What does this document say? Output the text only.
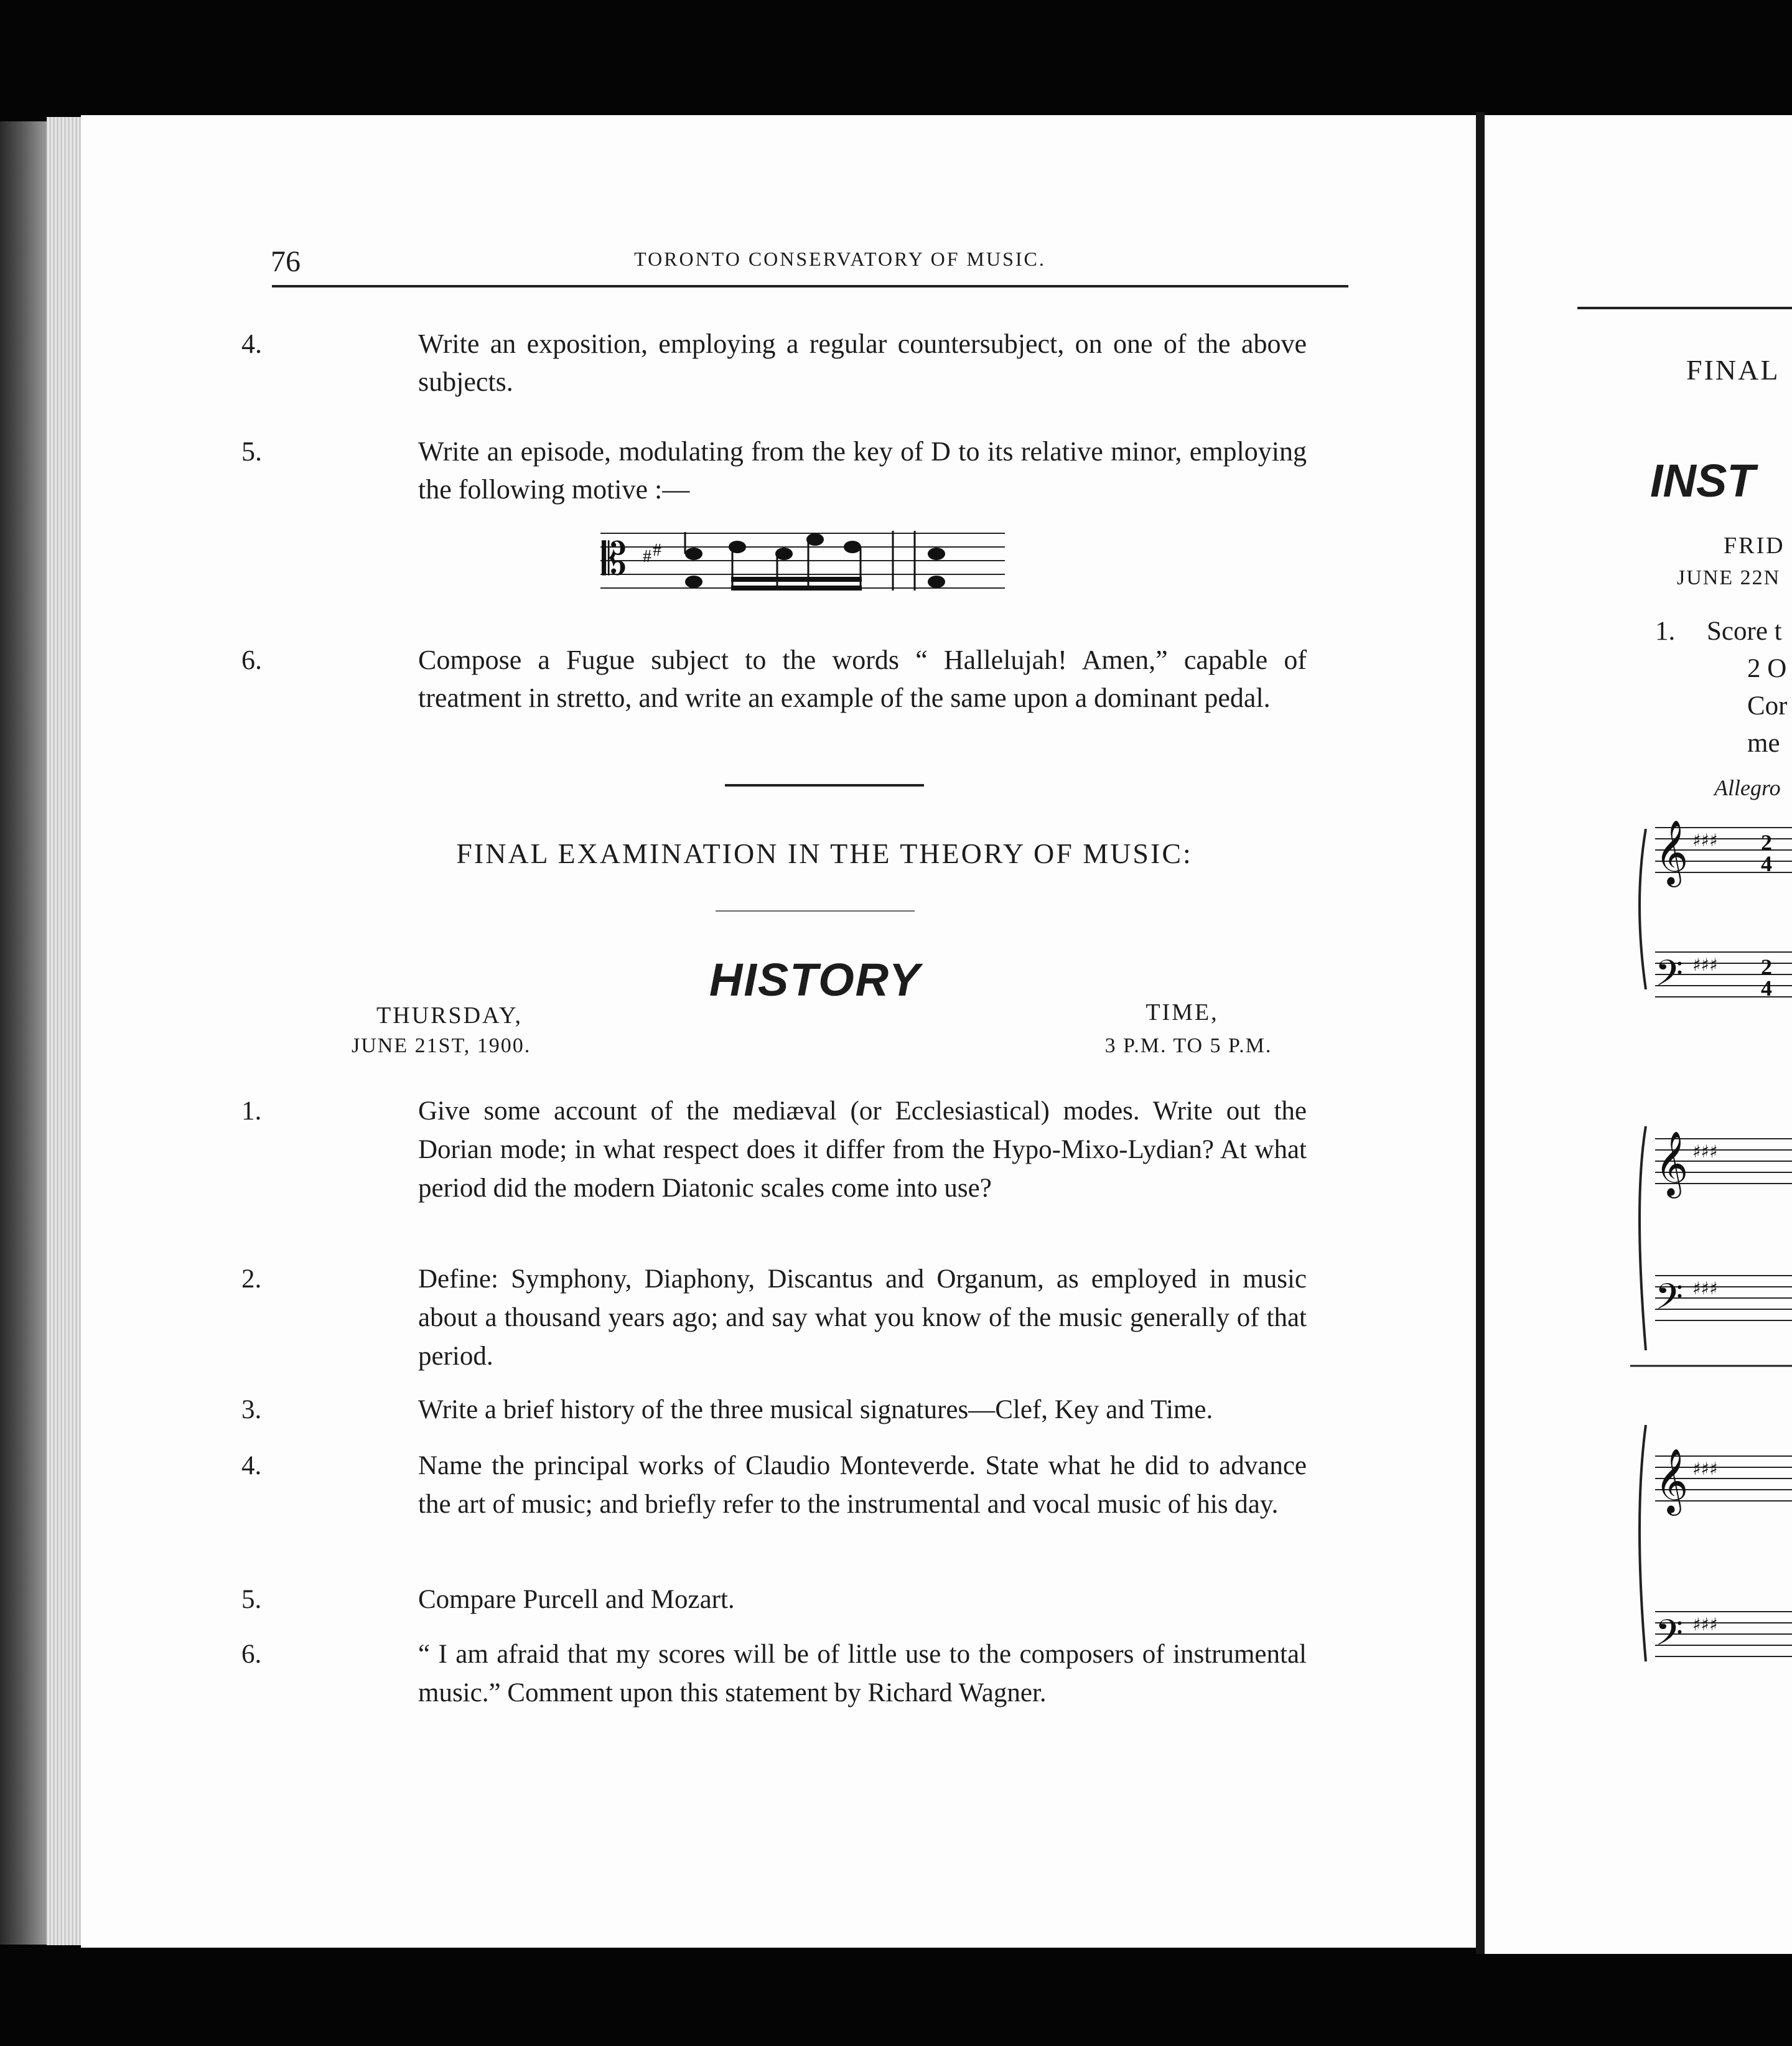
76	TORONTO CONSERVATORY OF MUSIC.

4.	Write an exposition, employing a regular countersubject, on one of the above subjects.

5.	Write an episode, modulating from the key of D to its relative minor, employing the following motive :—

𝄡 # #

6.	Compose a Fugue subject to the words “ Hallelujah! Amen,” capable of treatment in stretto, and write an example of the same upon a dominant pedal.

FINAL EXAMINATION IN THE THEORY OF MUSIC:
HISTORY
THURSDAY,
JUNE 21ST, 1900.
TIME,
3 P.M. TO 5 P.M.

1.	Give some account of the mediæval (or Ecclesiastical) modes. Write out the Dorian mode; in what respect does it differ from the Hypo-Mixo-Lydian? At what period did the modern Diatonic scales come into use?

2.	Define: Symphony, Diaphony, Discantus and Organum, as employed in music about a thousand years ago; and say what you know of the music generally of that period.

3.	Write a brief history of the three musical signatures—Clef, Key and Time.

4.	Name the principal works of Claudio Monteverde. State what he did to advance the art of music; and briefly refer to the instrumental and vocal music of his day.

5.	Compare Purcell and Mozart.

6.	“ I am afraid that my scores will be of little use to the composers of instrumental music.” Comment upon this statement by Richard Wagner.

FINAL
INST
FRID
JUNE 22N
1. Score t
2 O
Cor
me
Allegro
𝄞
𝄢
𝄞
𝄢
𝄞
𝄢
♯♯♯
♯♯♯
♯♯♯
♯♯♯
♯♯♯
♯♯♯
2
4
2
4
